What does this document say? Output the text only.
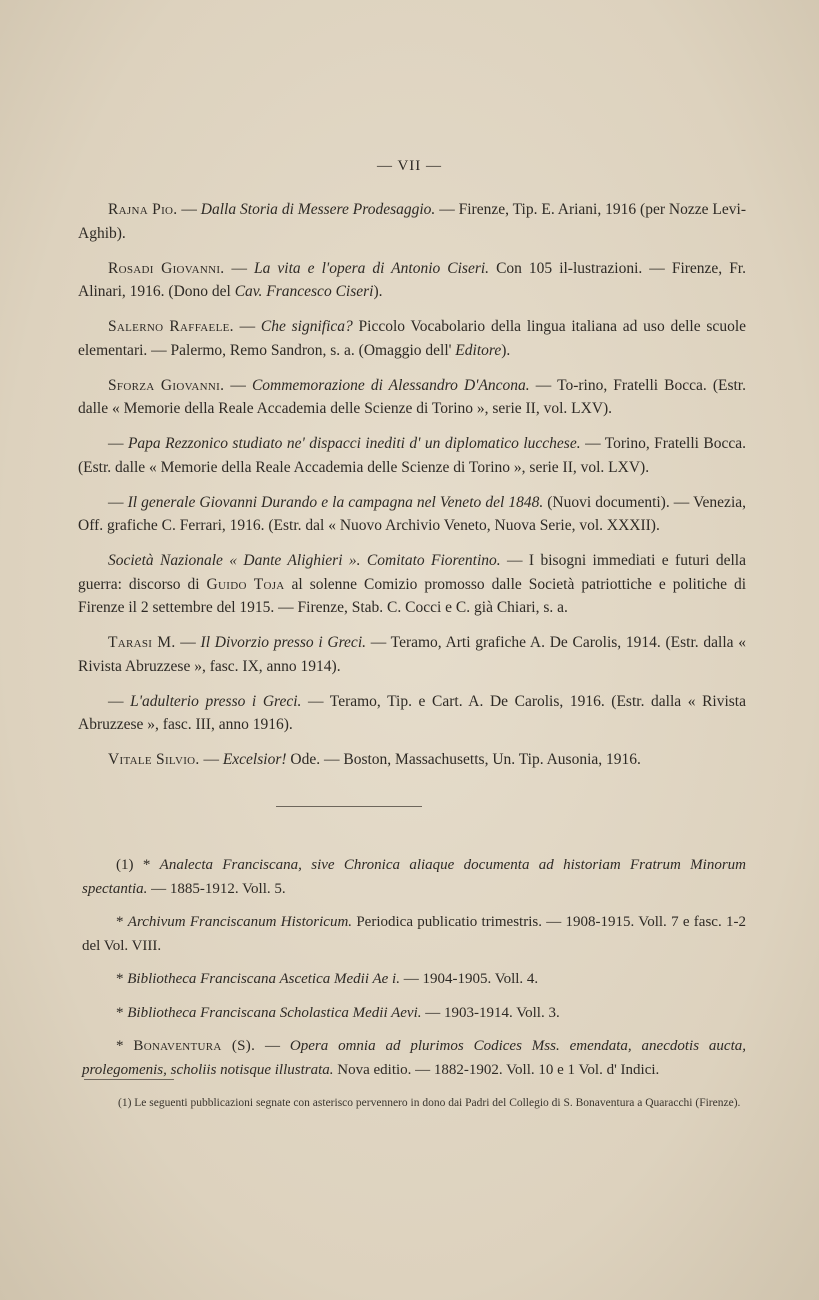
— VII —

Rajna Pio. — Dalla Storia di Messere Prodesaggio. — Firenze, Tip. E. Ariani, 1916 (per Nozze Levi-Aghib).

Rosadi Giovanni. — La vita e l'opera di Antonio Ciseri. Con 105 il-lustrazioni. — Firenze, Fr. Alinari, 1916. (Dono del Cav. Francesco Ciseri).

Salerno Raffaele. — Che significa? Piccolo Vocabolario della lingua italiana ad uso delle scuole elementari. — Palermo, Remo Sandron, s. a. (Omaggio dell' Editore).

Sforza Giovanni. — Commemorazione di Alessandro D'Ancona. — To-rino, Fratelli Bocca. (Estr. dalle « Memorie della Reale Accademia delle Scienze di Torino », serie II, vol. LXV).

— Papa Rezzonico studiato ne' dispacci inediti d' un diplomatico lucchese. — Torino, Fratelli Bocca. (Estr. dalle « Memorie della Reale Accademia delle Scienze di Torino », serie II, vol. LXV).

— Il generale Giovanni Durando e la campagna nel Veneto del 1848. (Nuovi documenti). — Venezia, Off. grafiche C. Ferrari, 1916. (Estr. dal « Nuovo Archivio Veneto, Nuova Serie, vol. XXXII).

Società Nazionale « Dante Alighieri ». Comitato Fiorentino. — I bisogni immediati e futuri della guerra: discorso di Guido Toja al solenne Comizio promosso dalle Società patriottiche e politiche di Firenze il 2 settembre del 1915. — Firenze, Stab. C. Cocci e C. già Chiari, s. a.

Tarasi M. — Il Divorzio presso i Greci. — Teramo, Arti grafiche A. De Carolis, 1914. (Estr. dalla « Rivista Abruzzese », fasc. IX, anno 1914).

— L'adulterio presso i Greci. — Teramo, Tip. e Cart. A. De Carolis, 1916. (Estr. dalla « Rivista Abruzzese », fasc. III, anno 1916).

Vitale Silvio. — Excelsior! Ode. — Boston, Massachusetts, Un. Tip. Ausonia, 1916.

(1) * Analecta Franciscana, sive Chronica aliaque documenta ad historiam Fratrum Minorum spectantia. — 1885-1912. Voll. 5.

* Archivum Franciscanum Historicum. Periodica publicatio trimestris. — 1908-1915. Voll. 7 e fasc. 1-2 del Vol. VIII.

* Bibliotheca Franciscana Ascetica Medii Ae i. — 1904-1905. Voll. 4.

* Bibliotheca Franciscana Scholastica Medii Aevi. — 1903-1914. Voll. 3.

* Bonaventura (S). — Opera omnia ad plurimos Codices Mss. emendata, anecdotis aucta, prolegomenis, scholiis notisque illustrata. Nova editio. — 1882-1902. Voll. 10 e 1 Vol. d' Indici.

(1) Le seguenti pubblicazioni segnate con asterisco pervennero in dono dai Padri del Collegio di S. Bonaventura a Quaracchi (Firenze).
